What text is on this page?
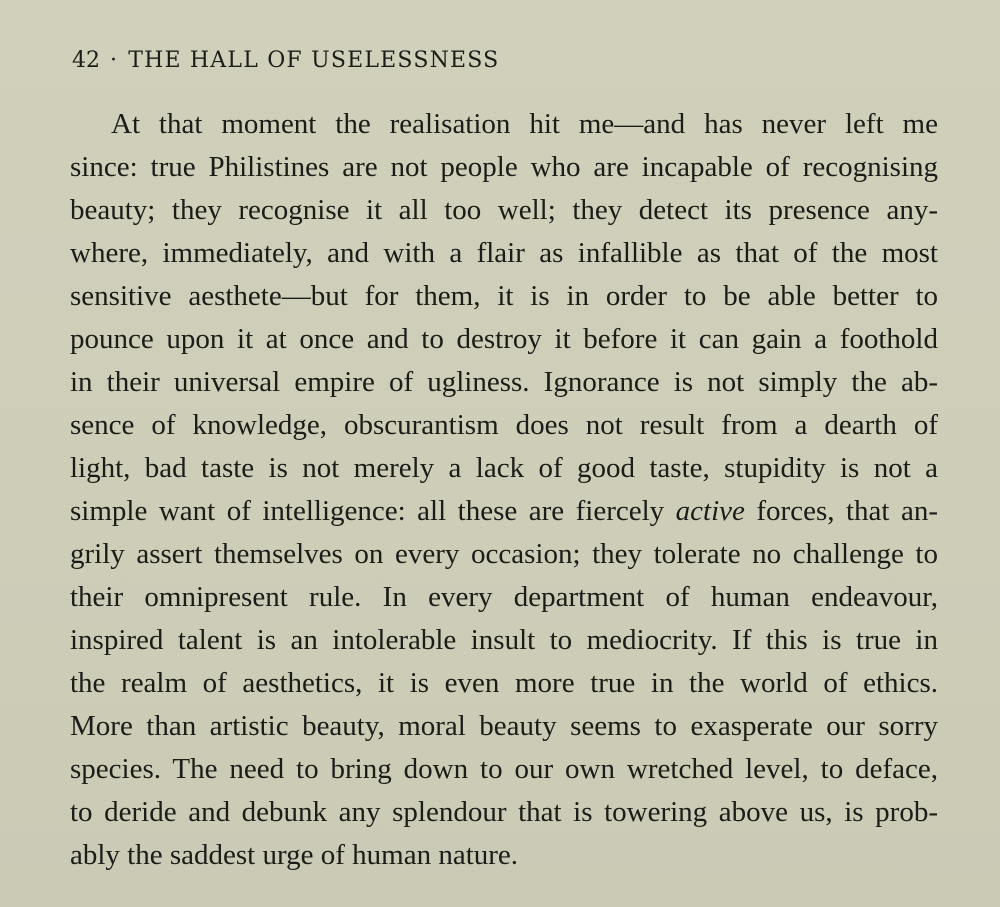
42 · THE HALL OF USELESSNESS
At that moment the realisation hit me—and has never left me
since: true Philistines are not people who are incapable of recognising
beauty; they recognise it all too well; they detect its presence any-
where, immediately, and with a flair as infallible as that of the most
sensitive aesthete—but for them, it is in order to be able better to
pounce upon it at once and to destroy it before it can gain a foothold
in their universal empire of ugliness. Ignorance is not simply the ab-
sence of knowledge, obscurantism does not result from a dearth of
light, bad taste is not merely a lack of good taste, stupidity is not a
simple want of intelligence: all these are fiercely active forces, that an-
grily assert themselves on every occasion; they tolerate no challenge to
their omnipresent rule. In every department of human endeavour,
inspired talent is an intolerable insult to mediocrity. If this is true in
the realm of aesthetics, it is even more true in the world of ethics.
More than artistic beauty, moral beauty seems to exasperate our sorry
species. The need to bring down to our own wretched level, to deface,
to deride and debunk any splendour that is towering above us, is prob-
ably the saddest urge of human nature.
